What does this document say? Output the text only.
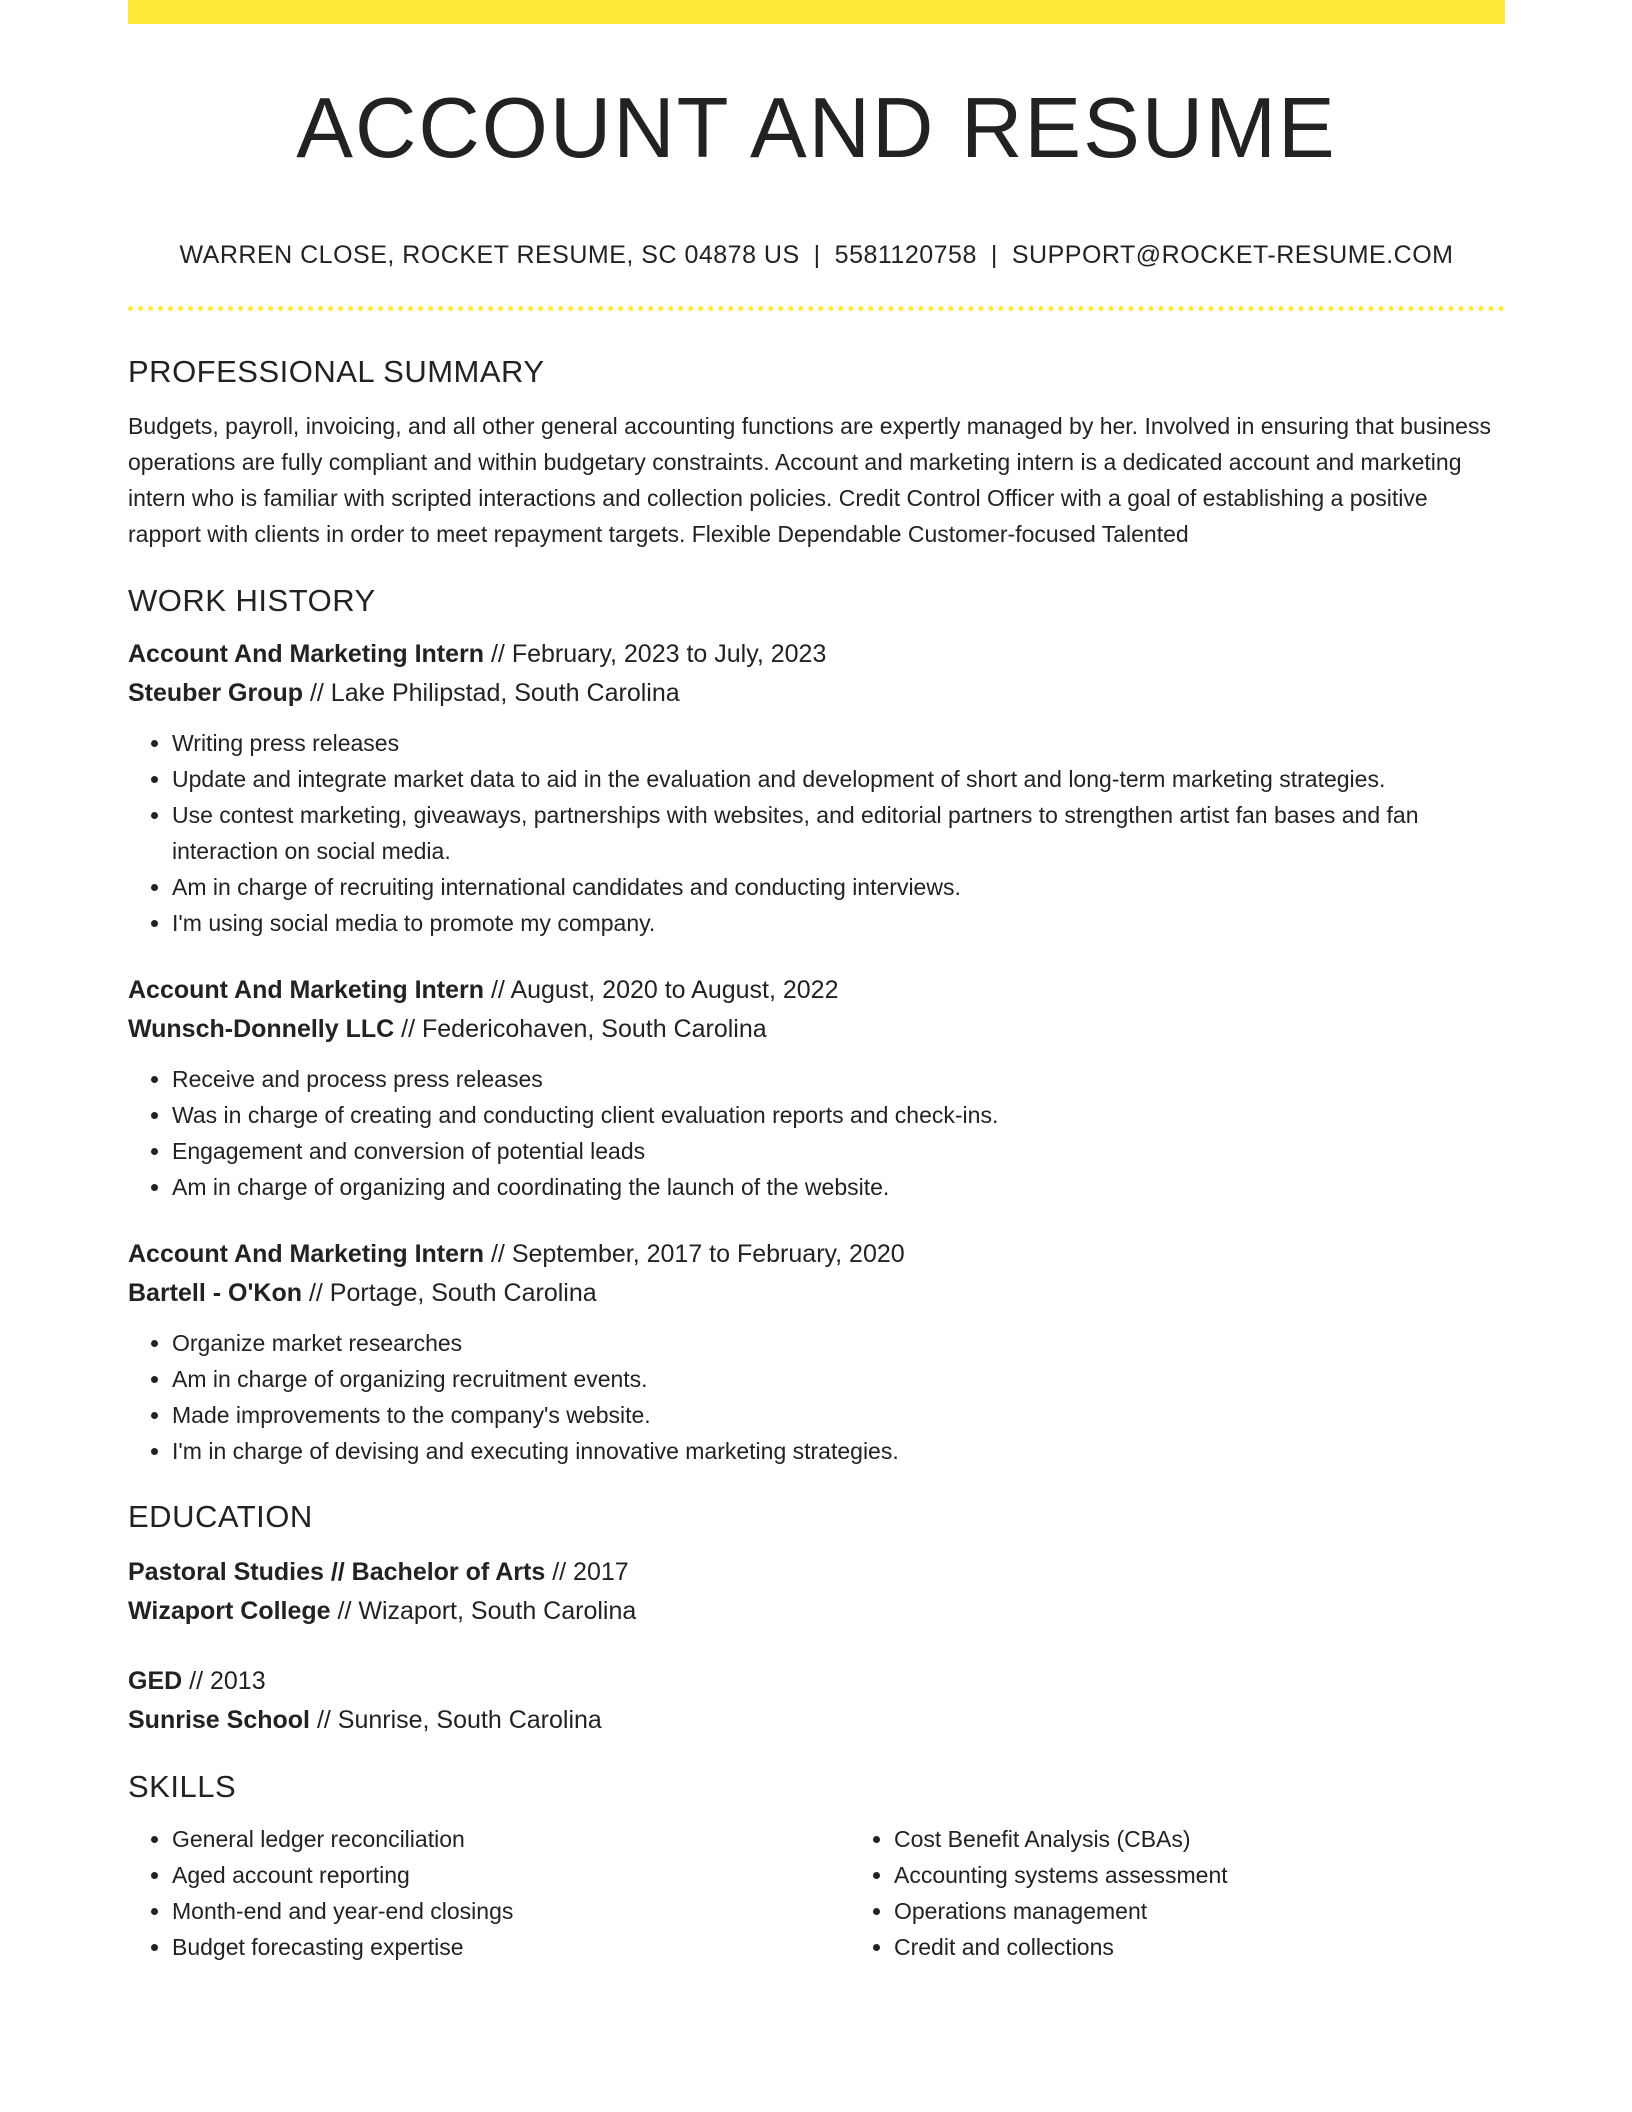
ACCOUNT AND RESUME
WARREN CLOSE, ROCKET RESUME, SC 04878 US | 5581120758 | SUPPORT@ROCKET-RESUME.COM
PROFESSIONAL SUMMARY

Budgets, payroll, invoicing, and all other general accounting functions are expertly managed by her. Involved in ensuring that business operations are fully compliant and within budgetary constraints. Account and marketing intern is a dedicated account and marketing intern who is familiar with scripted interactions and collection policies. Credit Control Officer with a goal of establishing a positive rapport with clients in order to meet repayment targets. Flexible Dependable Customer-focused Talented

WORK HISTORY
Account And Marketing Intern // February, 2023 to July, 2023
Steuber Group // Lake Philipstad, South Carolina
• Writing press releases
• Update and integrate market data to aid in the evaluation and development of short and long-term marketing strategies.
• Use contest marketing, giveaways, partnerships with websites, and editorial partners to strengthen artist fan bases and fan interaction on social media.
• Am in charge of recruiting international candidates and conducting interviews.
• I'm using social media to promote my company.
Account And Marketing Intern // August, 2020 to August, 2022
Wunsch-Donnelly LLC // Federicohaven, South Carolina
• Receive and process press releases
• Was in charge of creating and conducting client evaluation reports and check-ins.
• Engagement and conversion of potential leads
• Am in charge of organizing and coordinating the launch of the website.
Account And Marketing Intern // September, 2017 to February, 2020
Bartell - O'Kon // Portage, South Carolina
• Organize market researches
• Am in charge of organizing recruitment events.
• Made improvements to the company's website.
• I'm in charge of devising and executing innovative marketing strategies.
EDUCATION
Pastoral Studies // Bachelor of Arts // 2017
Wizaport College // Wizaport, South Carolina
GED // 2013
Sunrise School // Sunrise, South Carolina
SKILLS
• General ledger reconciliation
• Aged account reporting
• Month-end and year-end closings
• Budget forecasting expertise
• Cost Benefit Analysis (CBAs)
• Accounting systems assessment
• Operations management
• Credit and collections
